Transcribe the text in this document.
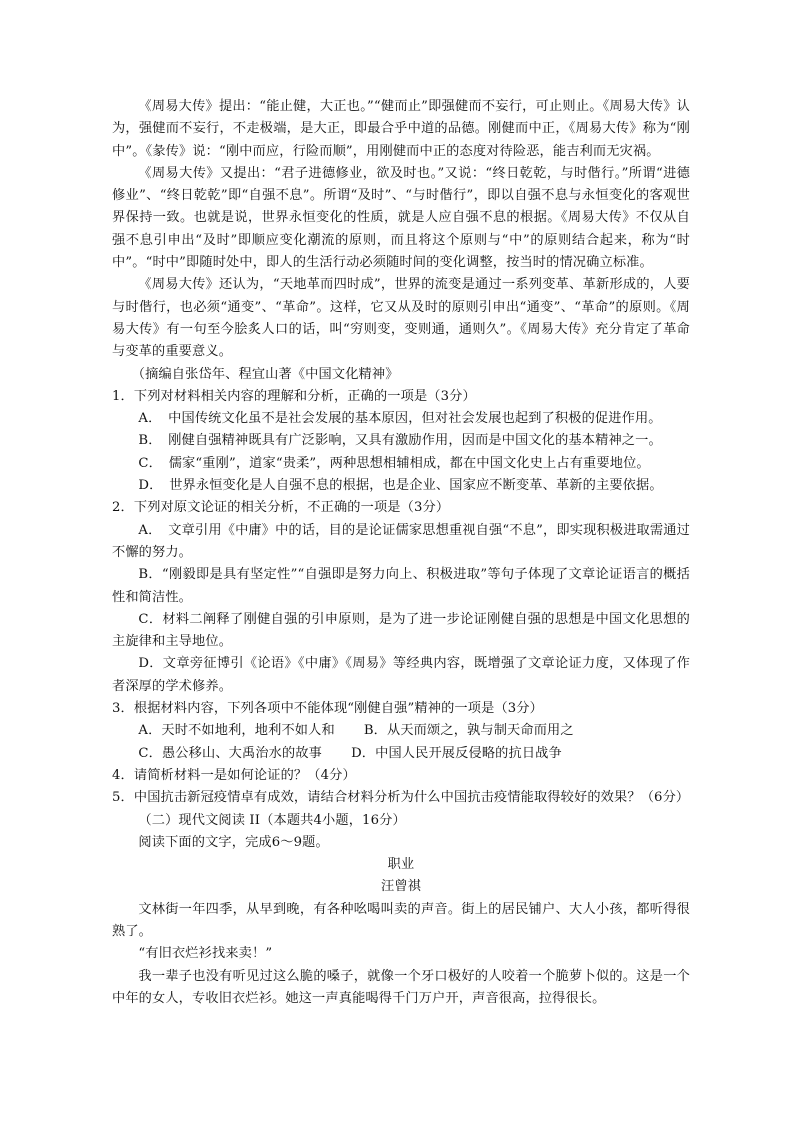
《周易大传》提出：“能止健，大正也。”“健而止”即强健而不妄行，可止则止。《周易大传》认为，强健而不妄行，不走极端，是大正，即最合乎中道的品德。刚健而中正，《周易大传》称为“刚中”。《彖传》说：“刚中而应，行险而顺”，用刚健而中正的态度对待险恶，能吉利而无灾祸。

《周易大传》又提出：“君子进德修业，欲及时也。”又说：“终日乾乾，与时偕行。”所谓“进德修业”、“终日乾乾”即“自强不息”。所谓“及时”、“与时偕行”，即以自强不息与永恒变化的客观世界保持一致。也就是说，世界永恒变化的性质，就是人应自强不息的根据。《周易大传》不仅从自强不息引申出“及时”即顺应变化潮流的原则，而且将这个原则与“中”的原则结合起来，称为“时中”。“时中”即随时处中，即人的生活行动必须随时间的变化调整，按当时的情况确立标准。

《周易大传》还认为，“天地革而四时成”，世界的流变是通过一系列变革、革新形成的，人要与时偕行，也必须“通变”、“革命”。这样，它又从及时的原则引申出“通变”、“革命”的原则。《周易大传》有一句至今脍炙人口的话，叫“穷则变，变则通，通则久”。《周易大传》充分肯定了革命与变革的重要意义。

（摘编自张岱年、程宜山著《中国文化精神》

1．下列对材料相关内容的理解和分析，正确的一项是（3分）

A．　中国传统文化虽不是社会发展的基本原因，但对社会发展也起到了积极的促进作用。

B．　刚健自强精神既具有广泛影响，又具有激励作用，因而是中国文化的基本精神之一。

C．　儒家“重刚”，道家“贵柔”，两种思想相辅相成，都在中国文化史上占有重要地位。

D．　世界永恒变化是人自强不息的根据，也是企业、国家应不断变革、革新的主要依据。

2．下列对原文论证的相关分析，不正确的一项是（3分）

A．　文章引用《中庸》中的话，目的是论证儒家思想重视自强“不息”，即实现积极进取需通过不懈的努力。

B．“刚毅即是具有坚定性”“自强即是努力向上、积极进取”等句子体现了文章论证语言的概括性和简洁性。

C．材料二阐释了刚健自强的引申原则，是为了进一步论证刚健自强的思想是中国文化思想的主旋律和主导地位。

D．文章旁征博引《论语》《中庸》《周易》等经典内容，既增强了文章论证力度，又体现了作者深厚的学术修养。

3．根据材料内容，下列各项中不能体现“刚健自强”精神的一项是（3分）

A．天时不如地利，地利不如人和 B．从天而颂之，孰与制天命而用之

C．愚公移山、大禹治水的故事 D．中国人民开展反侵略的抗日战争

4．请简析材料一是如何论证的？（4分）

5．中国抗击新冠疫情卓有成效，请结合材料分析为什么中国抗击疫情能取得较好的效果？（6分）

（二）现代文阅读 II（本题共4小题，16分）

阅读下面的文字，完成6～9题。

职业

汪曾祺

文林街一年四季，从早到晚，有各种吆喝叫卖的声音。街上的居民铺户、大人小孩，都听得很熟了。

“有旧衣烂衫找来卖！”

我一辈子也没有听见过这么脆的嗓子，就像一个牙口极好的人咬着一个脆萝卜似的。这是一个中年的女人，专收旧衣烂衫。她这一声真能喝得千门万户开，声音很高，拉得很长。
